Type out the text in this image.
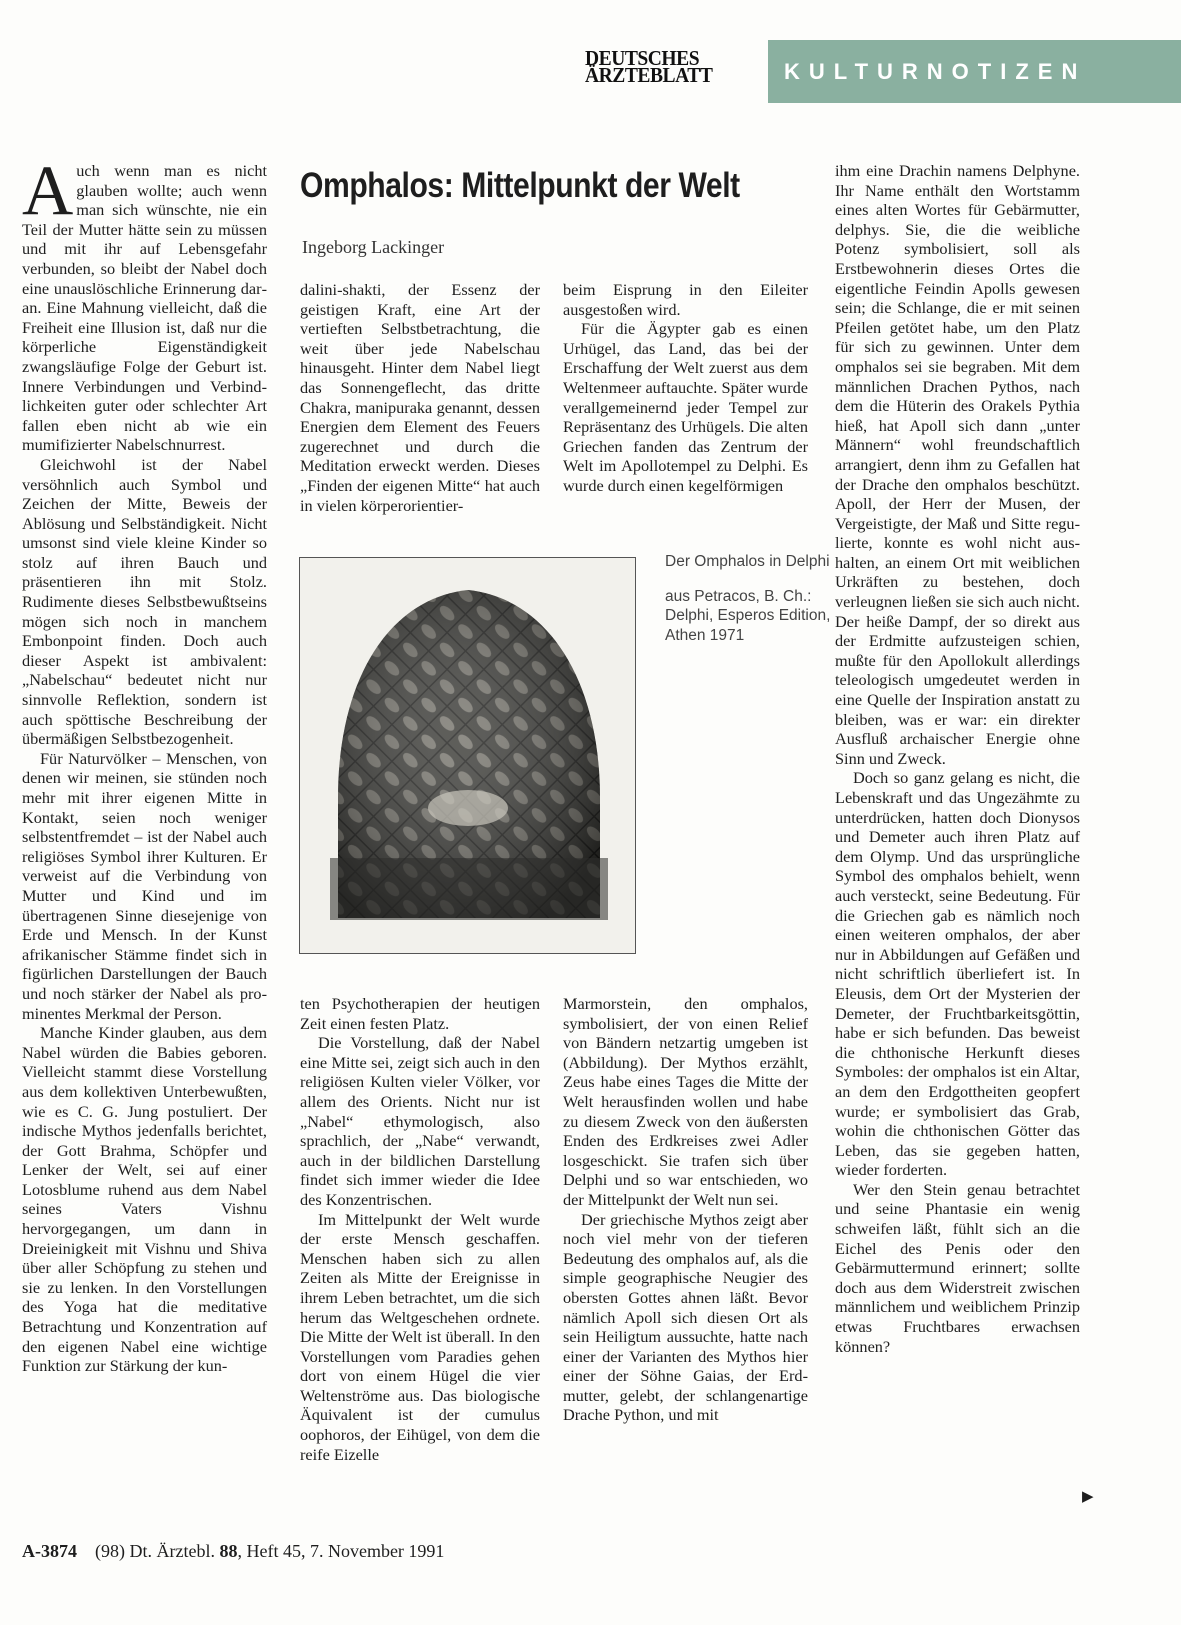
DEUTSCHES
ÄRZTEBLATT	KULTURNOTIZEN

Auch wenn man es nicht glauben wollte; auch wenn man sich wünschte, nie ein Teil der Mutter hätte sein zu müssen und mit ihr auf Lebensgefahr verbunden, so bleibt der Nabel doch eine unauslöschliche Erinnerung daran. Eine Mahnung vielleicht, daß die Freiheit eine Illusion ist, daß nur die körperliche Eigenständigkeit zwangsläufige Folge der Geburt ist. Innere Verbindungen und Verbindlichkeiten guter oder schlechter Art fallen eben nicht ab wie ein mumifizierter Nabelschnurrest.

Gleichwohl ist der Nabel versöhnlich auch Symbol und Zeichen der Mitte, Beweis der Ablösung und Selbständigkeit. Nicht umsonst sind viele kleine Kinder so stolz auf ihren Bauch und präsentieren ihn mit Stolz. Rudimente dieses Selbstbewußtseins mögen sich noch in manchem Embonpoint finden. Doch auch dieser Aspekt ist ambivalent: „Nabelschau“ bedeutet nicht nur sinnvolle Reflektion, sondern ist auch spöttische Beschreibung der übermäßigen Selbstbezogenheit.

Für Naturvölker – Menschen, von denen wir meinen, sie stünden noch mehr mit ihrer eigenen Mitte in Kontakt, seien noch weniger selbstentfremdet – ist der Nabel auch religiöses Symbol ihrer Kulturen. Er verweist auf die Verbindung von Mutter und Kind und im übertragenen Sinne diesejenige von Erde und Mensch. In der Kunst afrikanischer Stämme findet sich in figürlichen Darstellungen der Bauch und noch stärker der Nabel als prominentes Merkmal der Person.

Manche Kinder glauben, aus dem Nabel würden die Babies geboren. Vielleicht stammt diese Vorstellung aus dem kollektiven Unterbewußten, wie es C. G. Jung postuliert. Der indische Mythos jedenfalls berichtet, der Gott Brahma, Schöpfer und Lenker der Welt, sei auf einer Lotosblume ruhend aus dem Nabel seines Vaters Vishnu hervorgegangen, um dann in Dreieinigkeit mit Vishnu und Shiva über aller Schöpfung zu stehen und sie zu lenken. In den Vorstellungen des Yoga hat die meditative Betrachtung und Konzentration auf den eigenen Nabel eine wichtige Funktion zur Stärkung der kun-

Omphalos: Mittelpunkt der Welt
Ingeborg Lackinger

dalini-shakti, der Essenz der geistigen Kraft, eine Art der vertieften Selbstbetrachtung, die weit über jede Nabelschau hinausgeht. Hinter dem Nabel liegt das Sonnengeflecht, das dritte Chakra, manipuraka genannt, dessen Energien dem Element des Feuers zugerechnet und durch die Meditation erweckt werden. Dieses „Finden der eigenen Mitte“ hat auch in vielen körperorientier-

beim Eisprung in den Eileiter ausgestoßen wird.

Für die Ägypter gab es einen Urhügel, das Land, das bei der Erschaffung der Welt zuerst aus dem Weltenmeer auftauchte. Später wurde verallgemeinernd jeder Tempel zur Repräsentanz des Urhügels. Die alten Griechen fanden das Zentrum der Welt im Apollotempel zu Delphi. Es wurde durch einen kegelförmigen

Der Omphalos in Delphi

aus Petracos, B. Ch.: Delphi, Esperos Edition, Athen 1971

ten Psychotherapien der heutigen Zeit einen festen Platz.

Die Vorstellung, daß der Nabel eine Mitte sei, zeigt sich auch in den religiösen Kulten vieler Völker, vor allem des Orients. Nicht nur ist „Nabel“ ethymologisch, also sprachlich, der „Nabe“ verwandt, auch in der bildlichen Darstellung findet sich immer wieder die Idee des Konzentrischen.

Im Mittelpunkt der Welt wurde der erste Mensch geschaffen. Menschen haben sich zu allen Zeiten als Mitte der Ereignisse in ihrem Leben betrachtet, um die sich herum das Weltgeschehen ordnete. Die Mitte der Welt ist überall. In den Vorstellungen vom Paradies gehen dort von einem Hügel die vier Weltenströme aus. Das biologische Äquivalent ist der cumulus oophoros, der Eihügel, von dem die reife Eizelle

Marmorstein, den omphalos, symbolisiert, der von einen Relief von Bändern netzartig umgeben ist (Abbildung). Der Mythos erzählt, Zeus habe eines Tages die Mitte der Welt herausfinden wollen und habe zu diesem Zweck von den äußersten Enden des Erdkreises zwei Adler losgeschickt. Sie trafen sich über Delphi und so war entschieden, wo der Mittelpunkt der Welt nun sei.

Der griechische Mythos zeigt aber noch viel mehr von der tieferen Bedeutung des omphalos auf, als die simple geographische Neugier des obersten Gottes ahnen läßt. Bevor nämlich Apoll sich diesen Ort als sein Heiligtum aussuchte, hatte nach einer der Varianten des Mythos hier einer der Söhne Gaias, der Erdmutter, gelebt, der schlangenartige Drache Python, und mit

ihm eine Drachin namens Delphyne. Ihr Name enthält den Wortstamm eines alten Wortes für Gebärmutter, delphys. Sie, die die weibliche Potenz symbolisiert, soll als Erstbewohnerin dieses Ortes die eigentliche Feindin Apolls gewesen sein; die Schlange, die er mit seinen Pfeilen getötet habe, um den Platz für sich zu gewinnen. Unter dem omphalos sei sie begraben. Mit dem männlichen Drachen Pythos, nach dem die Hüterin des Orakels Pythia hieß, hat Apoll sich dann „unter Männern“ wohl freundschaftlich arrangiert, denn ihm zu Gefallen hat der Drache den omphalos beschützt. Apoll, der Herr der Musen, der Vergeistigte, der Maß und Sitte regulierte, konnte es wohl nicht aushalten, an einem Ort mit weiblichen Urkräften zu bestehen, doch verleugnen ließen sie sich auch nicht. Der heiße Dampf, der so direkt aus der Erdmitte aufzusteigen schien, mußte für den Apollokult allerdings teleologisch umgedeutet werden in eine Quelle der Inspiration anstatt zu bleiben, was er war: ein direkter Ausfluß archaischer Energie ohne Sinn und Zweck.

Doch so ganz gelang es nicht, die Lebenskraft und das Ungezähmte zu unterdrücken, hatten doch Dionysos und Demeter auch ihren Platz auf dem Olymp. Und das ursprüngliche Symbol des omphalos behielt, wenn auch versteckt, seine Bedeutung. Für die Griechen gab es nämlich noch einen weiteren omphalos, der aber nur in Abbildungen auf Gefäßen und nicht schriftlich überliefert ist. In Eleusis, dem Ort der Mysterien der Demeter, der Fruchtbarkeitsgöttin, habe er sich befunden. Das beweist die chthonische Herkunft dieses Symboles: der omphalos ist ein Altar, an dem den Erdgottheiten geopfert wurde; er symbolisiert das Grab, wohin die chthonischen Götter das Leben, das sie gegeben hatten, wieder forderten.

Wer den Stein genau betrachtet und seine Phantasie ein wenig schweifen läßt, fühlt sich an die Eichel des Penis oder den Gebärmuttermund erinnert; sollte doch aus dem Widerstreit zwischen männlichem und weiblichem Prinzip etwas Fruchtbares erwachsen können?

▶
A-3874 (98) Dt. Ärztebl. 88, Heft 45, 7. November 1991
